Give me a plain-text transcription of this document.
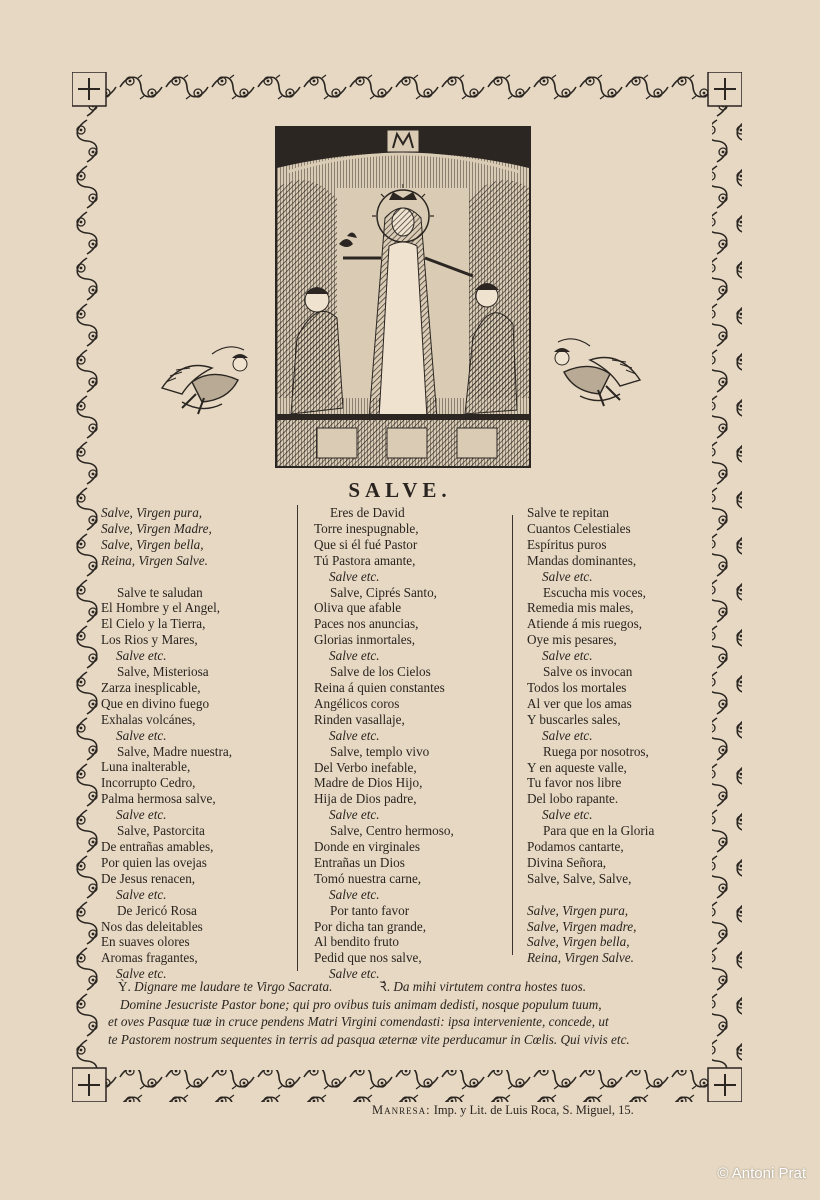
SALVE.
Salve, Virgen pura,
Salve, Virgen Madre,
Salve, Virgen bella,
Reina, Virgen Salve.
Salve te saludan
El Hombre y el Angel,
El Cielo y la Tierra,
Los Rios y Mares,
Salve etc.
Salve, Misteriosa
Zarza inesplicable,
Que en divino fuego
Exhalas volcánes,
Salve etc.
Salve, Madre nuestra,
Luna inalterable,
Incorrupto Cedro,
Palma hermosa salve,
Salve etc.
Salve, Pastorcita
De entrañas amables,
Por quien las ovejas
De Jesus renacen,
Salve etc.
De Jericó Rosa
Nos das deleitables
En suaves olores
Aromas fragantes,
Salve etc.
Eres de David
Torre inespugnable,
Que si él fué Pastor
Tú Pastora amante,
Salve etc.
Salve, Ciprés Santo,
Oliva que afable
Paces nos anuncias,
Glorias inmortales,
Salve etc.
Salve de los Cielos
Reina á quien constantes
Angélicos coros
Rinden vasallaje,
Salve etc.
Salve, templo vivo
Del Verbo inefable,
Madre de Dios Hijo,
Hija de Dios padre,
Salve etc.
Salve, Centro hermoso,
Donde en virginales
Entrañas un Dios
Tomó nuestra carne,
Salve etc.
Por tanto favor
Por dicha tan grande,
Al bendito fruto
Pedid que nos salve,
Salve etc.
Salve te repitan
Cuantos Celestiales
Espíritus puros
Mandas dominantes,
Salve etc.
Escucha mis voces,
Remedia mis males,
Atiende á mis ruegos,
Oye mis pesares,
Salve etc.
Salve os invocan
Todos los mortales
Al ver que los amas
Y buscarles sales,
Salve etc.
Ruega por nosotros,
Y en aqueste valle,
Tu favor nos libre
Del lobo rapante.
Salve etc.
Para que en la Gloria
Podamos cantarte,
Divina Señora,
Salve, Salve, Salve,
Salve, Virgen pura,
Salve, Virgen madre,
Salve, Virgen bella,
Reina, Virgen Salve.
Ỳ. Dignare me laudare te Virgo Sacrata.	Ꝛ́. Da mihi virtutem contra hostes tuos.
Domine Jesucriste Pastor bone; qui pro ovibus tuis animam dedisti, nosque populum tuum,
et oves Pasquæ tuæ in cruce pendens Matri Virgini comendasti: ipsa interveniente, concede, ut
te Pastorem nostrum sequentes in terris ad pasqua æternæ vite perducamur in Cœlis. Qui vivis etc.
Manresa: Imp. y Lit. de Luis Roca, S. Miguel, 15.
© Antoni Prat
